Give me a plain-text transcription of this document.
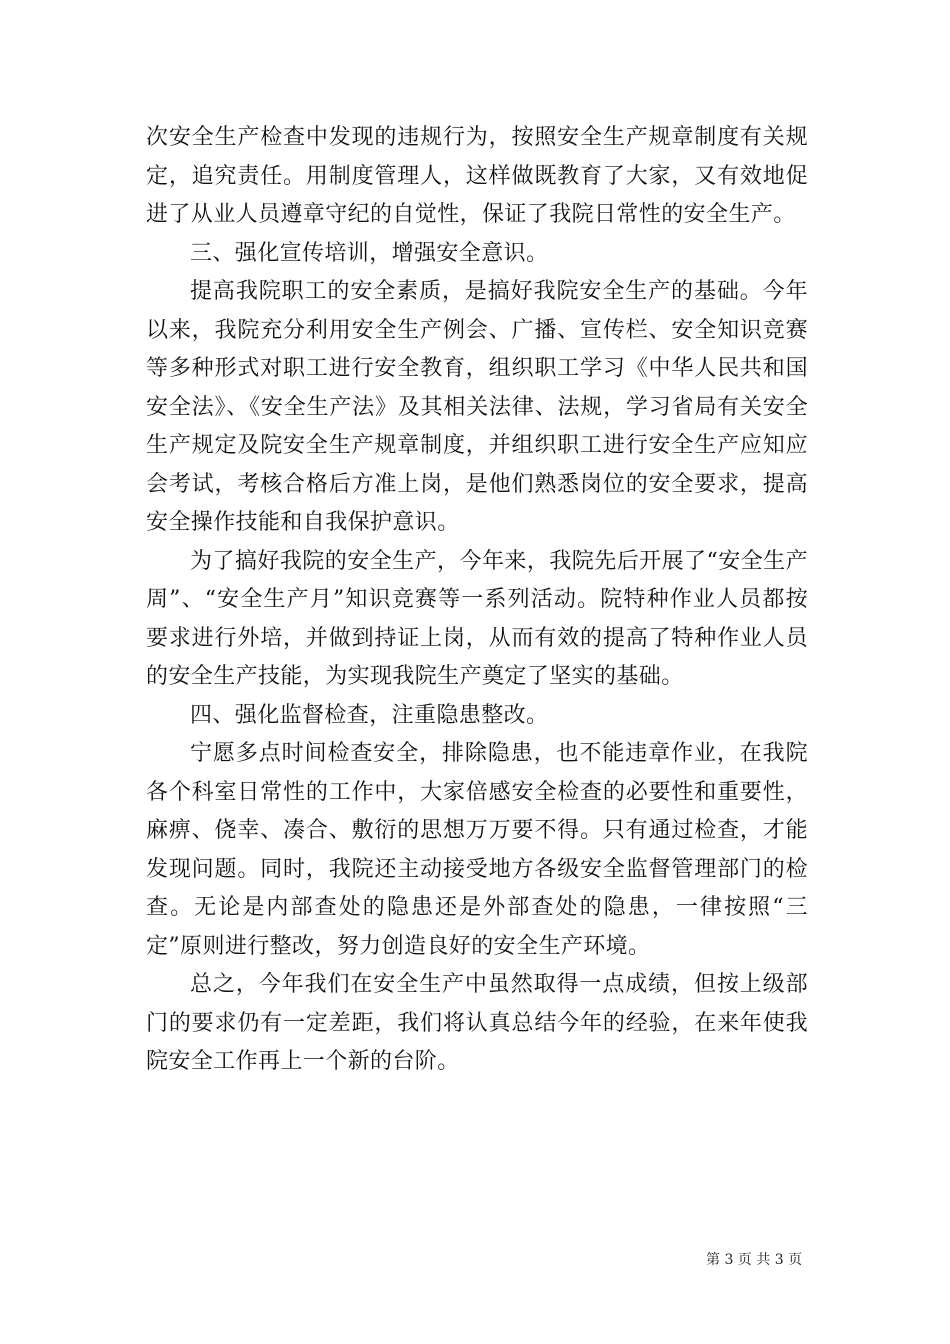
次安全生产检查中发现的违规行为，按照安全生产规章制度有关规定，追究责任。用制度管理人，这样做既教育了大家，又有效地促进了从业人员遵章守纪的自觉性，保证了我院日常性的安全生产。

三、强化宣传培训，增强安全意识。

提高我院职工的安全素质，是搞好我院安全生产的基础。今年以来，我院充分利用安全生产例会、广播、宣传栏、安全知识竞赛等多种形式对职工进行安全教育，组织职工学习《中华人民共和国安全法》、《安全生产法》及其相关法律、法规，学习省局有关安全生产规定及院安全生产规章制度，并组织职工进行安全生产应知应会考试，考核合格后方准上岗，是他们熟悉岗位的安全要求，提高安全操作技能和自我保护意识。

为了搞好我院的安全生产，今年来，我院先后开展了“安全生产周”、“安全生产月”知识竞赛等一系列活动。院特种作业人员都按要求进行外培，并做到持证上岗，从而有效的提高了特种作业人员的安全生产技能，为实现我院生产奠定了坚实的基础。

四、强化监督检查，注重隐患整改。

宁愿多点时间检查安全，排除隐患，也不能违章作业，在我院各个科室日常性的工作中，大家倍感安全检查的必要性和重要性，麻痹、侥幸、凑合、敷衍的思想万万要不得。只有通过检查，才能发现问题。同时，我院还主动接受地方各级安全监督管理部门的检查。无论是内部查处的隐患还是外部查处的隐患，一律按照“三定”原则进行整改，努力创造良好的安全生产环境。

总之，今年我们在安全生产中虽然取得一点成绩，但按上级部门的要求仍有一定差距，我们将认真总结今年的经验，在来年使我院安全工作再上一个新的台阶。

第 3 页 共 3 页
